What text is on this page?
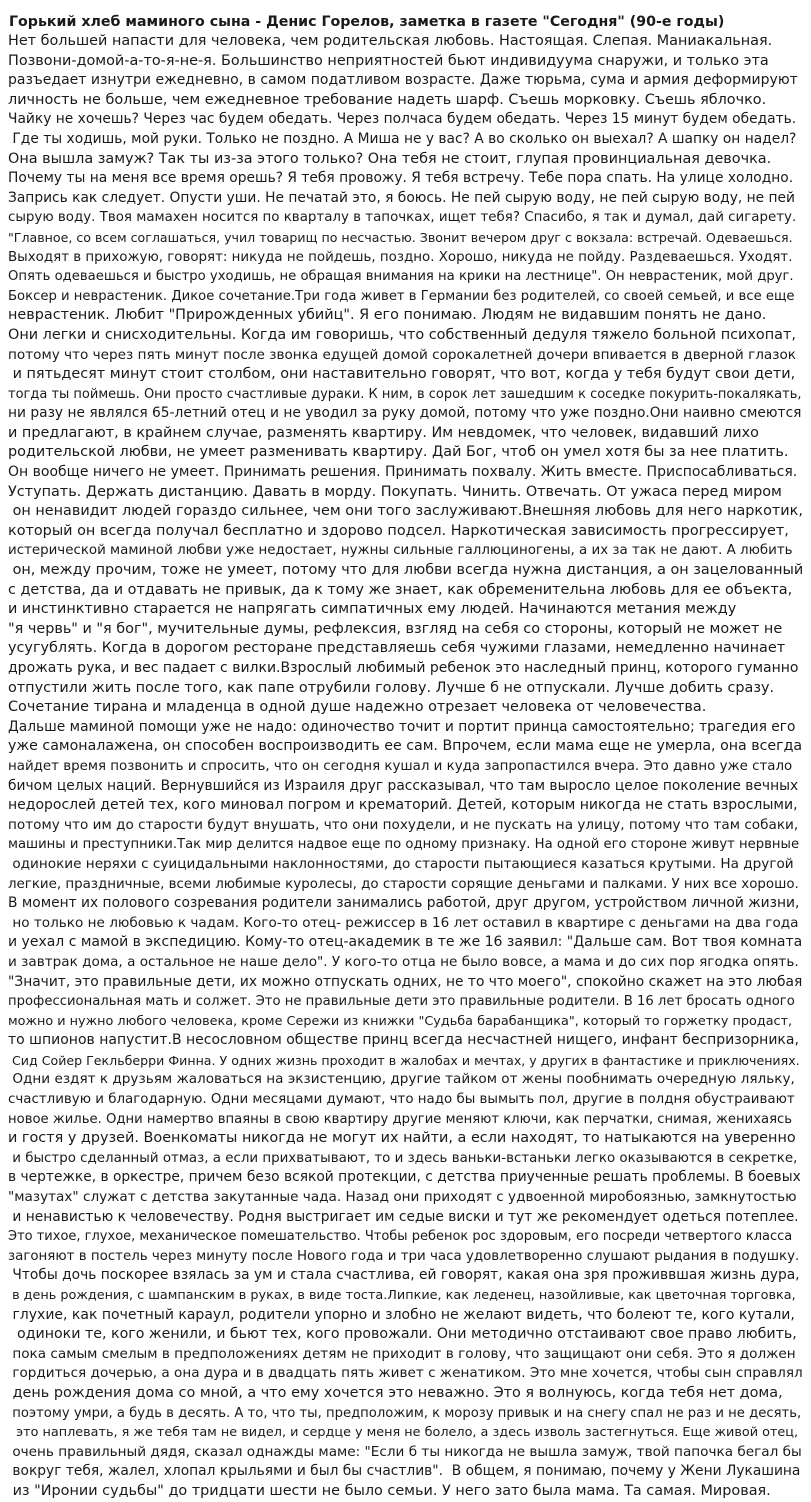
Горький хлеб маминого сына - Денис Горелов, заметка в газете "Сегодня" (90-е годы)
Нет большей напасти для человека, чем родительская любовь. Настоящая. Слепая. Маниакальная.
Позвони-домой-а-то-я-не-я. Большинство неприятностей бьют индивидуума снаружи, и только эта
разъедает изнутри ежедневно, в самом податливом возрасте. Даже тюрьма, сума и армия деформируют
личность не больше, чем ежедневное требование надеть шарф. Съешь морковку. Съешь яблочко.
Чайку не хочешь? Через час будем обедать. Через полчаса будем обедать. Через 15 минут будем обедать.
Где ты ходишь, мой руки. Только не поздно. А Миша не у вас? А во сколько он выехал? А шапку он надел?
Она вышла замуж? Так ты из-за этого только? Она тебя не стоит, глупая провинциальная девочка.
Почему ты на меня все время орешь? Я тебя провожу. Я тебя встречу. Тебе пора спать. На улице холодно.
Запрись как следует. Опусти уши. Не печатай это, я боюсь. Не пей сырую воду, не пей сырую воду, не пей
сырую воду. Твоя мамахен носится по кварталу в тапочках, ищет тебя? Спасибо, я так и думал, дай сигарету.
"Главное, со всем соглашаться, учил товарищ по несчастью. Звонит вечером друг с вокзала: встречай. Одеваешься.
Выходят в прихожую, говорят: никуда не пойдешь, поздно. Хорошо, никуда не пойду. Раздеваешься. Уходят.
Опять одеваешься и быстро уходишь, не обращая внимания на крики на лестнице". Он неврастеник, мой друг.
Боксер и неврастеник. Дикое сочетание.Три года живет в Германии без родителей, со своей семьей, и все еще
неврастеник. Любит "Прирожденных убийц". Я его понимаю. Людям не видавшим понять не дано.
Они легки и снисходительны. Когда им говоришь, что собственный дедуля тяжело больной психопат,
потому что через пять минут после звонка едущей домой сорокалетней дочери впивается в дверной глазок
и пятьдесят минут стоит столбом, они наставительно говорят, что вот, когда у тебя будут свои дети,
тогда ты поймешь. Они просто счастливые дураки. К ним, в сорок лет зашедшим к соседке покурить-покалякать,
ни разу не являлся 65-летний отец и не уводил за руку домой, потому что уже поздно.Они наивно смеются
и предлагают, в крайнем случае, разменять квартиру. Им невдомек, что человек, видавший лихо
родительской любви, не умеет разменивать квартиру. Дай Бог, чтоб он умел хотя бы за нее платить.
Он вообще ничего не умеет. Принимать решения. Принимать похвалу. Жить вместе. Приспосабливаться.
Уступать. Держать дистанцию. Давать в морду. Покупать. Чинить. Отвечать. От ужаса перед миром
он ненавидит людей гораздо сильнее, чем они того заслуживают.Внешняя любовь для него наркотик,
который он всегда получал бесплатно и здорово подсел. Наркотическая зависимость прогрессирует,
истерической маминой любви уже недостает, нужны сильные галлюциногены, а их за так не дают. А любить
он, между прочим, тоже не умеет, потому что для любви всегда нужна дистанция, а он зацелованный
с детства, да и отдавать не привык, да к тому же знает, как обременительна любовь для ее объекта,
и инстинктивно старается не напрягать симпатичных ему людей. Начинаются метания между
"я червь" и "я бог", мучительные думы, рефлексия, взгляд на себя со стороны, который не может не
усугублять. Когда в дорогом ресторане представляешь себя чужими глазами, немедленно начинает
дрожать рука, и вес падает с вилки.Взрослый любимый ребенок это наследный принц, которого гуманно
отпустили жить после того, как папе отрубили голову. Лучше б не отпускали. Лучше добить сразу.
Сочетание тирана и младенца в одной душе надежно отрезает человека от человечества.
Дальше маминой помощи уже не надо: одиночество точит и портит принца самостоятельно; трагедия его
уже самоналажена, он способен воспроизводить ее сам. Впрочем, если мама еще не умерла, она всегда
найдет время позвонить и спросить, что он сегодня кушал и куда запропастился вчера. Это давно уже стало
бичом целых наций. Вернувшийся из Израиля друг рассказывал, что там выросло целое поколение вечных
недорослей детей тех, кого миновал погром и крематорий. Детей, которым никогда не стать взрослыми,
потому что им до старости будут внушать, что они похудели, и не пускать на улицу, потому что там собаки,
машины и преступники.Так мир делится надвое еще по одному признаку. На одной его стороне живут нервные
одинокие неряхи с суицидальными наклонностями, до старости пытающиеся казаться крутыми. На другой
легкие, праздничные, всеми любимые куролесы, до старости сорящие деньгами и палками. У них все хорошо.
В момент их полового созревания родители занимались работой, друг другом, устройством личной жизни,
но только не любовью к чадам. Кого-то отец- режиссер в 16 лет оставил в квартире с деньгами на два года
и уехал с мамой в экспедицию. Кому-то отец-академик в те же 16 заявил: "Дальше сам. Вот твоя комната
и завтрак дома, а остальное не наше дело". У кого-то отца не было вовсе, а мама и до сих пор ягодка опять.
"Значит, это правильные дети, их можно отпускать одних, не то что моего", спокойно скажет на это любая
профессиональная мать и солжет. Это не правильные дети это правильные родители. В 16 лет бросать одного
можно и нужно любого человека, кроме Сережи из книжки "Судьба барабанщика", который то горжетку продаст,
то шпионов напустит.В несословном обществе принц всегда несчастней нищего, инфант беспризорника,
Сид Сойер Гекльберри Финна. У одних жизнь проходит в жалобах и мечтах, у других в фантастике и приключениях.
Одни ездят к друзьям жаловаться на экзистенцию, другие тайком от жены пообнимать очередную ляльку,
счастливую и благодарную. Одни месяцами думают, что надо бы вымыть пол, другие в полдня обустраивают
новое жилье. Одни намертво впаяны в свою квартиру другие меняют ключи, как перчатки, снимая, женихаясь
и гостя у друзей. Военкоматы никогда не могут их найти, а если находят, то натыкаются на уверенно
и быстро сделанный отмаз, а если прихватывают, то и здесь ваньки-встаньки легко оказываются в секретке,
в чертежке, в оркестре, причем безо всякой протекции, с детства приученные решать проблемы. В боевых
"мазутах" служат с детства закутанные чада. Назад они приходят с удвоенной миробоязнью, замкнутостью
и ненавистью к человечеству. Родня выстригает им седые виски и тут же рекомендует одеться потеплее.
Это тихое, глухое, механическое помешательство. Чтобы ребенок рос здоровым, его посреди четвертого класса
загоняют в постель через минуту после Нового года и три часа удовлетворенно слушают рыдания в подушку.
Чтобы дочь поскорее взялась за ум и стала счастлива, ей говорят, какая она зря проживвшая жизнь дура,
в день рождения, с шампанским в руках, в виде тоста.Липкие, как леденец, назойливые, как цветочная торговка,
глухие, как почетный караул, родители упорно и злобно не желают видеть, что болеют те, кого кутали,
одиноки те, кого женили, и бьют тех, кого провожали. Они методично отстаивают свое право любить,
пока самым смелым в предположениях детям не приходит в голову, что защищают они себя. Это я должен
гордиться дочерью, а она дура и в двадцать пять живет с женатиком. Это мне хочется, чтобы сын справлял
день рождения дома со мной, а что ему хочется это неважно. Это я волнуюсь, когда тебя нет дома,
поэтому умри, а будь в десять. А то, что ты, предположим, к морозу привык и на снегу спал не раз и не десять,
это наплевать, я же тебя там не видел, и сердце у меня не болело, а здесь изволь застегнуться. Еще живой отец,
очень правильный дядя, сказал однажды маме: "Если б ты никогда не вышла замуж, твой папочка бегал бы
вокруг тебя, жалел, хлопал крыльями и был бы счастлив".  В общем, я понимаю, почему у Жени Лукашина
из "Иронии судьбы" до тридцати шести не было семьи. У него зато была мама. Та самая. Мировая.
